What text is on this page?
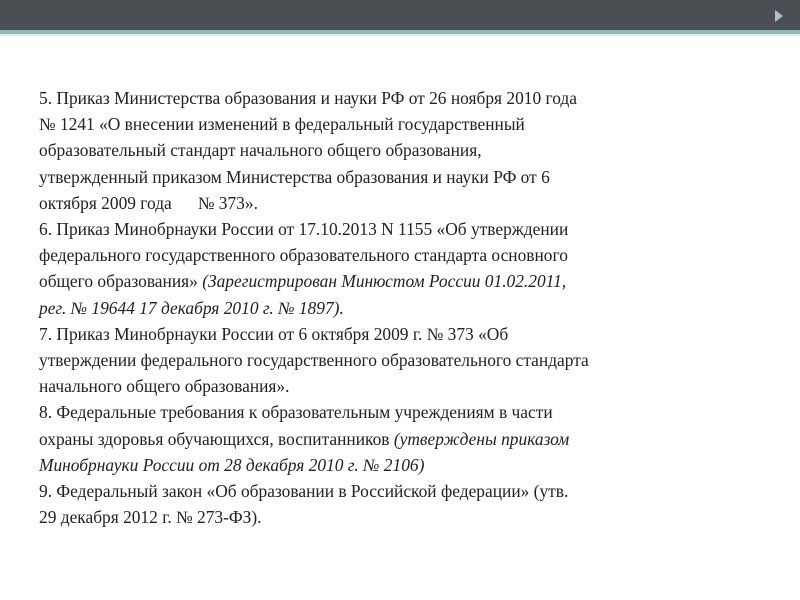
5. Приказ Министерства образования и науки РФ от 26 ноября 2010 года

№ 1241 «О внесении изменений в федеральный государственный

образовательный стандарт начального общего образования,

утвержденный приказом Министерства образования и науки РФ от 6

октября 2009 года      № 373».

6. Приказ Минобрнауки России от 17.10.2013 N 1155 «Об утверждении

федерального государственного образовательного стандарта основного

общего образования» (Зарегистрирован Минюстом России 01.02.2011,

рег. № 19644 17 декабря 2010 г. № 1897).

7. Приказ Минобрнауки России от 6 октября 2009 г. № 373 «Об

утверждении федерального государственного образовательного стандарта

начального общего образования».

8. Федеральные требования к образовательным учреждениям в части

охраны здоровья обучающихся, воспитанников (утверждены приказом

Минобрнауки России от 28 декабря 2010 г. № 2106)

9. Федеральный закон «Об образовании в Российской федерации» (утв.

29 декабря 2012 г. № 273-ФЗ).
